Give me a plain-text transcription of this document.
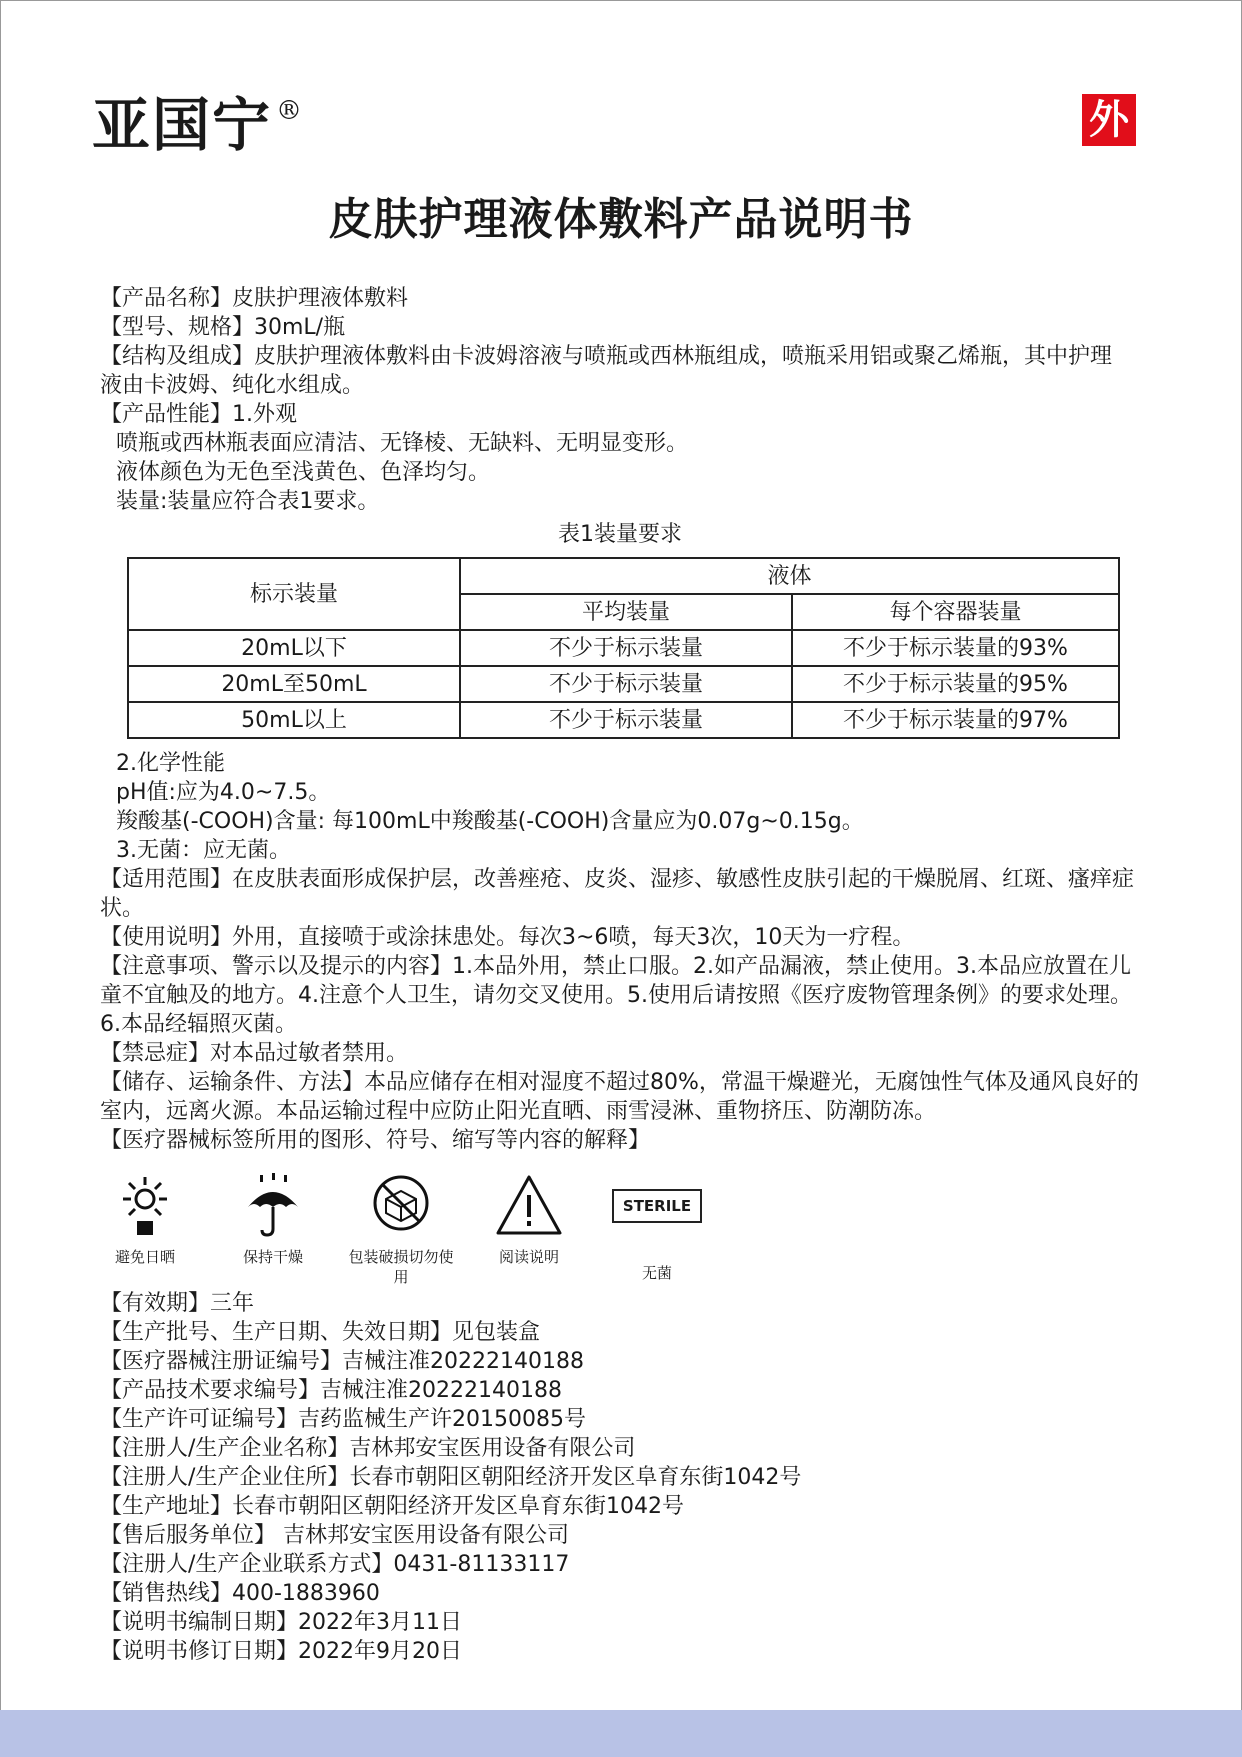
亚国宁 ®	外
皮肤护理液体敷料产品说明书

【产品名称】皮肤护理液体敷料

【型号、规格】30mL/瓶

【结构及组成】皮肤护理液体敷料由卡波姆溶液与喷瓶或西林瓶组成，喷瓶采用铝或聚乙烯瓶，其中护理液由卡波姆、纯化水组成。

【产品性能】1.外观

喷瓶或西林瓶表面应清洁、无锋棱、无缺料、无明显变形。

液体颜色为无色至浅黄色、色泽均匀。

装量:装量应符合表1要求。

表1装量要求
标示装量	液体	
	平均装量	每个容器装量
20mL以下	不少于标示装量	不少于标示装量的93%
20mL至50mL	不少于标示装量	不少于标示装量的95%
50mL以上	不少于标示装量	不少于标示装量的97%

2.化学性能

pH值:应为4.0~7.5。

羧酸基(-COOH)含量: 每100mL中羧酸基(-COOH)含量应为0.07g~0.15g。

3.无菌：应无菌。

【适用范围】在皮肤表面形成保护层，改善痤疮、皮炎、湿疹、敏感性皮肤引起的干燥脱屑、红斑、瘙痒症状。

【使用说明】外用，直接喷于或涂抹患处。每次3~6喷，每天3次，10天为一疗程。

【注意事项、警示以及提示的内容】1.本品外用，禁止口服。2.如产品漏液，禁止使用。3.本品应放置在儿童不宜触及的地方。4.注意个人卫生，请勿交叉使用。5.使用后请按照《医疗废物管理条例》的要求处理。6.本品经辐照灭菌。

【禁忌症】对本品过敏者禁用。

【储存、运输条件、方法】本品应储存在相对湿度不超过80%，常温干燥避光，无腐蚀性气体及通风良好的室内，远离火源。本品运输过程中应防止阳光直晒、雨雪浸淋、重物挤压、防潮防冻。

【医疗器械标签所用的图形、符号、缩写等内容的解释】

避免日晒	保持干燥	包装破损切勿使用
阅读说明
STERILE
无菌

【有效期】三年

【生产批号、生产日期、失效日期】见包装盒

【医疗器械注册证编号】吉械注准20222140188

【产品技术要求编号】吉械注准20222140188

【生产许可证编号】吉药监械生产许20150085号

【注册人/生产企业名称】吉林邦安宝医用设备有限公司

【注册人/生产企业住所】长春市朝阳区朝阳经济开发区阜育东街1042号

【生产地址】长春市朝阳区朝阳经济开发区阜育东街1042号

【售后服务单位】 吉林邦安宝医用设备有限公司

【注册人/生产企业联系方式】0431-81133117

【销售热线】400-1883960

【说明书编制日期】2022年3月11日

【说明书修订日期】2022年9月20日
